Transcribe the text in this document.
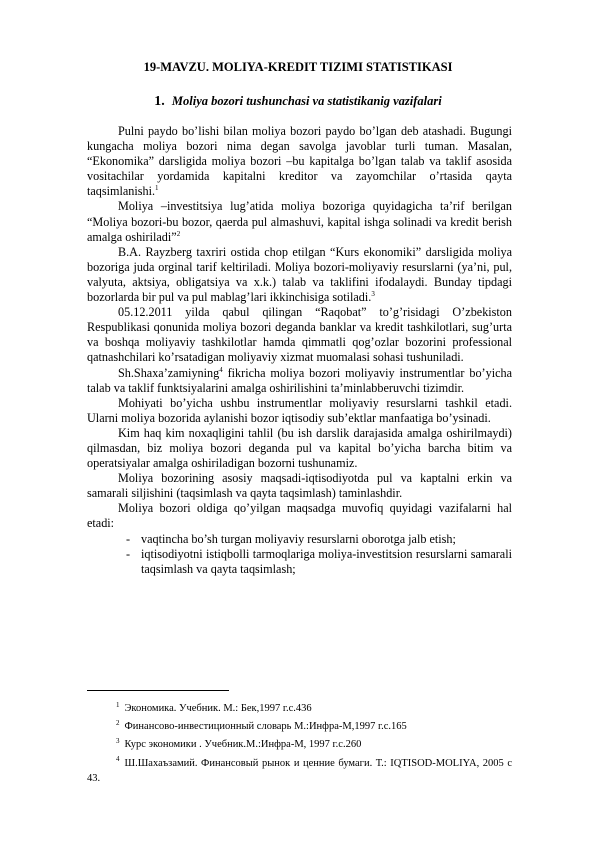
19-MAVZU. MOLIYA-KREDIT TIZIMI STATISTIKASI
1. Moliya bozori tushunchasi va statistikanig vazifalari

Pulni paydo bo’lishi bilan moliya bozori paydo bo’lgan deb atashadi. Bugungi kungacha moliya bozori nima degan savolga javoblar turli tuman. Masalan, “Ekonomika” darsligida moliya bozori –bu kapitalga bo’lgan talab va taklif asosida vositachilar yordamida kapitalni kreditor va zayomchilar o’rtasida qayta taqsimlanishi.$^1$

Moliya –investitsiya lug’atida moliya bozoriga quyidagicha ta’rif berilgan “Moliya bozori-bu bozor, qaerda pul almashuvi, kapital ishga solinadi va kredit berish amalga oshiriladi”$^2$

B.A. Rayzberg taxriri ostida chop etilgan “Kurs ekonomiki” darsligida moliya bozoriga juda orginal tarif keltiriladi. Moliya bozori-moliyaviy resurslarni (ya’ni, pul, valyuta, aktsiya, obligatsiya va x.k.) talab va taklifini ifodalaydi. Bunday tipdagi bozorlarda bir pul va pul mablag’lari ikkinchisiga sotiladi.$^3$

05.12.2011 yilda qabul qilingan “Raqobat” to’g’risidagi O’zbekiston Respublikasi qonunida moliya bozori deganda banklar va kredit tashkilotlari, sug’urta va boshqa moliyaviy tashkilotlar hamda qimmatli qog’ozlar bozorini professional qatnashchilari ko’rsatadigan moliyaviy xizmat muomalasi sohasi tushuniladi.

Sh.Shaxa’zamiyning$^4$ fikricha moliya bozori moliyaviy instrumentlar bo’yicha talab va taklif funktsiyalarini amalga oshirilishini ta’minlabberuvchi tizimdir.

Mohiyati bo’yicha ushbu instrumentlar moliyaviy resurslarni tashkil etadi. Ularni moliya bozorida aylanishi bozor iqtisodiy sub’ektlar manfaatiga bo’ysinadi.

Kim haq kim noxaqligini tahlil (bu ish darslik darajasida amalga oshirilmaydi) qilmasdan, biz moliya bozori deganda pul va kapital bo’yicha barcha bitim va operatsiyalar amalga oshiriladigan bozorni tushunamiz.

Moliya bozorining asosiy maqsadi-iqtisodiyotda pul va kaptalni erkin va samarali siljishini (taqsimlash va qayta taqsimlash) taminlashdir.

Moliya bozori oldiga qo’yilgan maqsadga muvofiq quyidagi vazifalarni hal etadi:

- vaqtincha bo’sh turgan moliyaviy resurslarni oborotga jalb etish;
- iqtisodiyotni istiqbolli tarmoqlariga moliya-investitsion resurslarni samarali taqsimlash va qayta taqsimlash;

$^1$ Экономика. Учебник. М.: Бек,1997 г.с.436

$^2$ Финансово-инвестиционный словарь М.:Инфра-М,1997 г.с.165

$^3$ Курс экономики . Учебник.М.:Инфра-М, 1997 г.с.260

$^4$ Ш.Шахаъзамий. Финансовый рынок и ценние бумаги. Т.: IQTISOD-MOLIYA, 2005 с 43.
